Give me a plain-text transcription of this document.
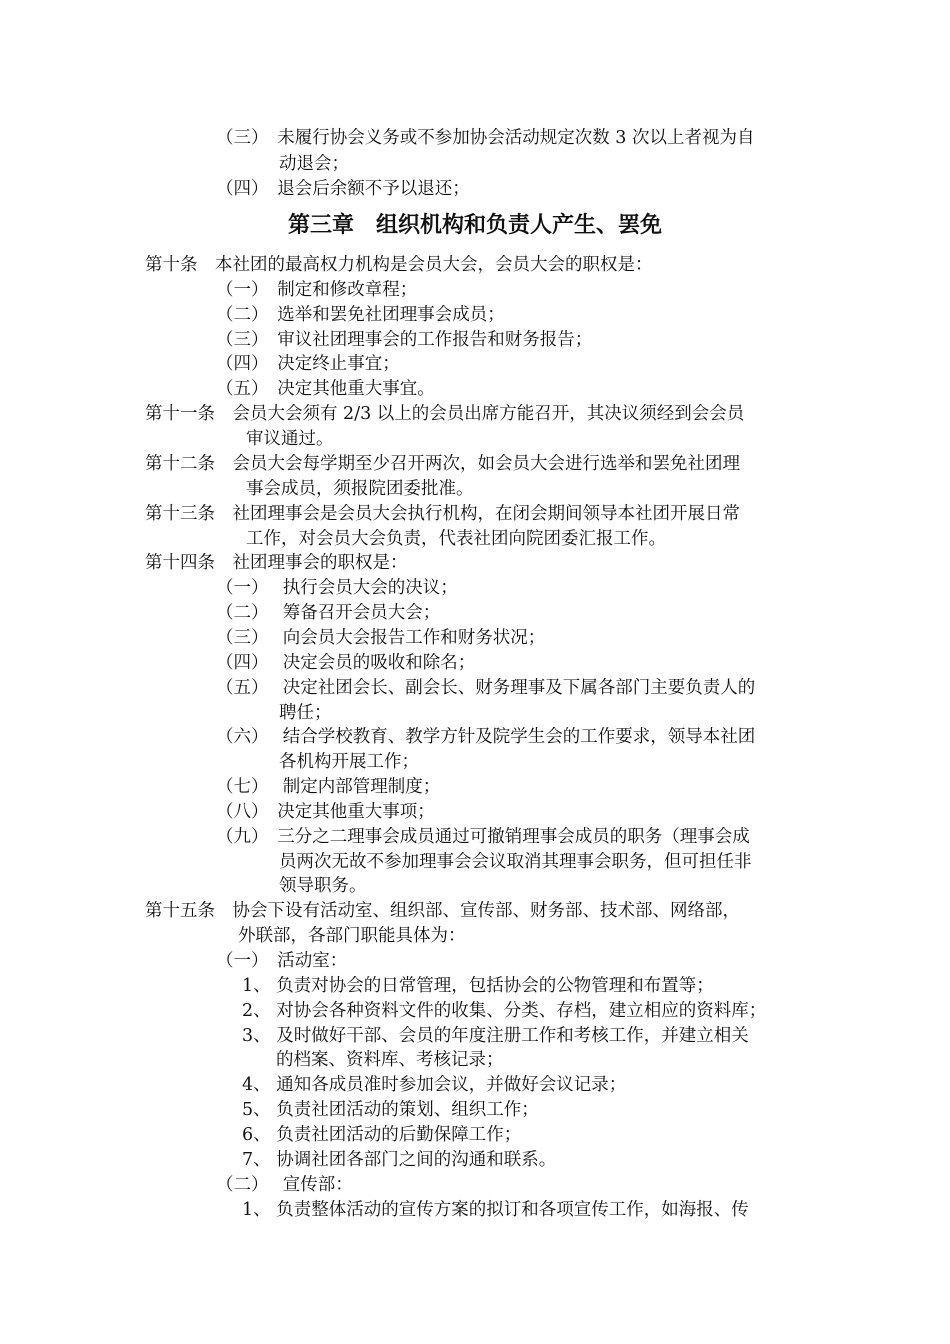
（三）　未履行协会义务或不参加协会活动规定次数 3 次以上者视为自
动退会；
（四）　退会后余额不予以退还；
第三章　组织机构和负责人产生、罢免
第十条　本社团的最高权力机构是会员大会，会员大会的职权是：
（一）　制定和修改章程；
（二）　选举和罢免社团理事会成员；
（三）　审议社团理事会的工作报告和财务报告；
（四）　决定终止事宜；
（五）　决定其他重大事宜。
第十一条　会员大会须有 2/3 以上的会员出席方能召开，其决议须经到会会员
审议通过。
第十二条　会员大会每学期至少召开两次，如会员大会进行选举和罢免社团理
事会成员，须报院团委批准。
第十三条　社团理事会是会员大会执行机构，在闭会期间领导本社团开展日常
工作，对会员大会负责，代表社团向院团委汇报工作。
第十四条　社团理事会的职权是：
（一）　 执行会员大会的决议；
（二）　 筹备召开会员大会；
（三）　 向会员大会报告工作和财务状况；
（四）　 决定会员的吸收和除名；
（五）　 决定社团会长、副会长、财务理事及下属各部门主要负责人的
聘任；
（六）　 结合学校教育、教学方针及院学生会的工作要求，领导本社团
各机构开展工作；
（七）　 制定内部管理制度；
（八）　决定其他重大事项；
（九）　三分之二理事会成员通过可撤销理事会成员的职务（理事会成
员两次无故不参加理事会会议取消其理事会职务，但可担任非
领导职务。
第十五条　协会下设有活动室、组织部、宣传部、财务部、技术部、网络部，
外联部，各部门职能具体为：
（一）　活动室：
1、 负责对协会的日常管理，包括协会的公物管理和布置等；
2、 对协会各种资料文件的收集、分类、存档，建立相应的资料库；
3、 及时做好干部、会员的年度注册工作和考核工作，并建立相关
的档案、资料库、考核记录；
4、 通知各成员准时参加会议，并做好会议记录；
5、 负责社团活动的策划、组织工作；
6、 负责社团活动的后勤保障工作；
7、 协调社团各部门之间的沟通和联系。
（二）　 宣传部：
1、 负责整体活动的宣传方案的拟订和各项宣传工作，如海报、传
